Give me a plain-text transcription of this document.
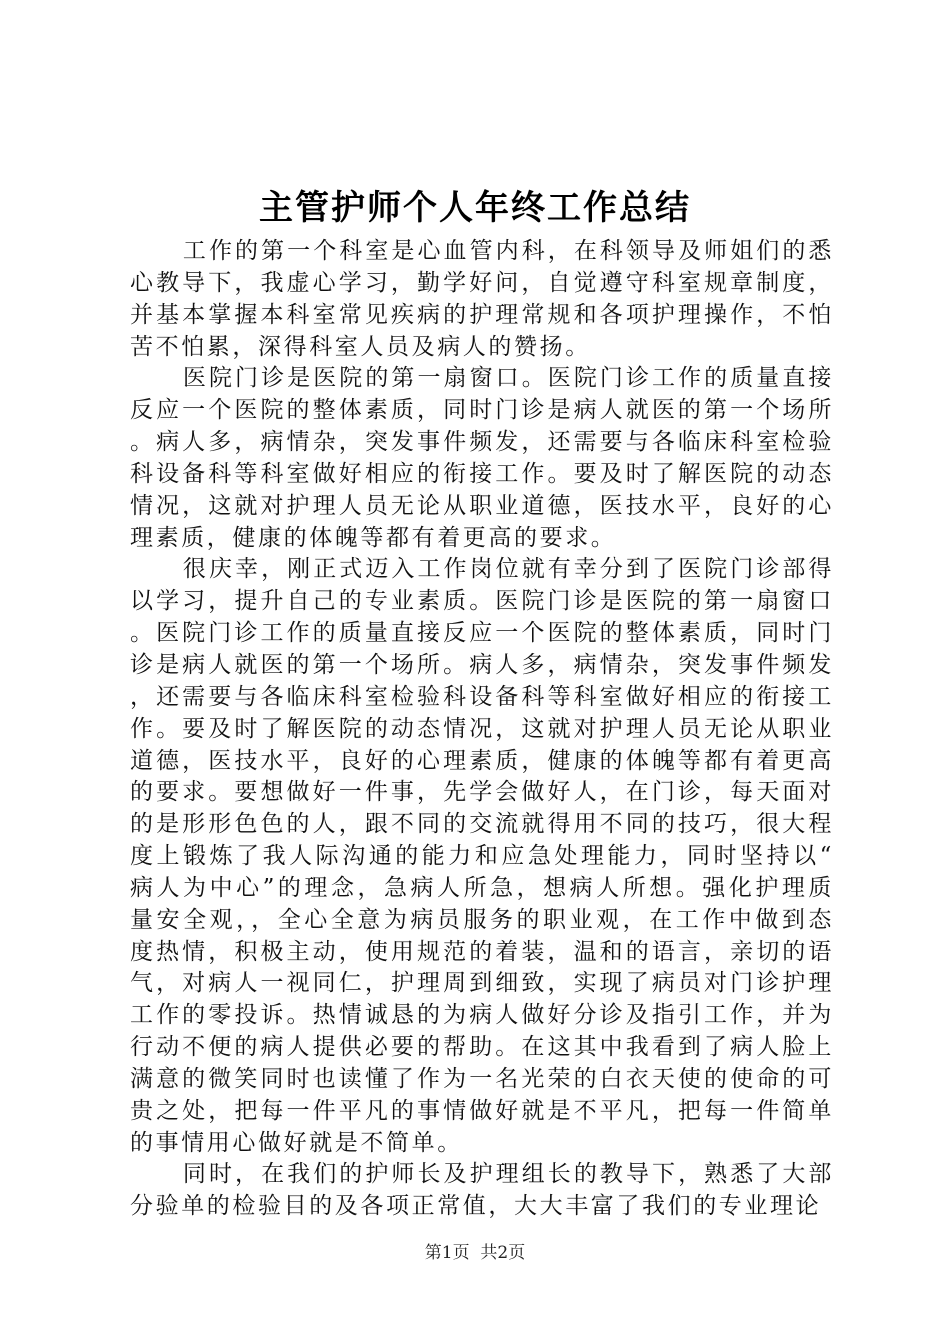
主管护师个人年终工作总结

工作的第一个科室是心血管内科，在科领导及师姐们的悉心教导下，我虚心学习，勤学好问，自觉遵守科室规章制度，并基本掌握本科室常见疾病的护理常规和各项护理操作，不怕苦不怕累，深得科室人员及病人的赞扬。

医院门诊是医院的第一扇窗口。医院门诊工作的质量直接反应一个医院的整体素质，同时门诊是病人就医的第一个场所。病人多，病情杂，突发事件频发，还需要与各临床科室检验科设备科等科室做好相应的衔接工作。要及时了解医院的动态情况，这就对护理人员无论从职业道德，医技水平，良好的心理素质，健康的体魄等都有着更高的要求。

很庆幸，刚正式迈入工作岗位就有幸分到了医院门诊部得以学习，提升自己的专业素质。医院门诊是医院的第一扇窗口。医院门诊工作的质量直接反应一个医院的整体素质，同时门诊是病人就医的第一个场所。病人多，病情杂，突发事件频发，还需要与各临床科室检验科设备科等科室做好相应的衔接工作。要及时了解医院的动态情况，这就对护理人员无论从职业道德，医技水平，良好的心理素质，健康的体魄等都有着更高的要求。要想做好一件事，先学会做好人，在门诊，每天面对的是形形色色的人，跟不同的交流就得用不同的技巧，很大程度上锻炼了我人际沟通的能力和应急处理能力，同时坚持以“病人为中心”的理念，急病人所急，想病人所想。强化护理质量安全观，，全心全意为病员服务的职业观，在工作中做到态度热情，积极主动，使用规范的着装，温和的语言，亲切的语气，对病人一视同仁，护理周到细致，实现了病员对门诊护理工作的零投诉。热情诚恳的为病人做好分诊及指引工作，并为行动不便的病人提供必要的帮助。在这其中我看到了病人脸上满意的微笑同时也读懂了作为一名光荣的白衣天使的使命的可贵之处，把每一件平凡的事情做好就是不平凡，把每一件简单的事情用心做好就是不简单。

同时，在我们的护师长及护理组长的教导下，熟悉了大部分验单的检验目的及各项正常值，大大丰富了我们的专业理论

第1页 共2页
